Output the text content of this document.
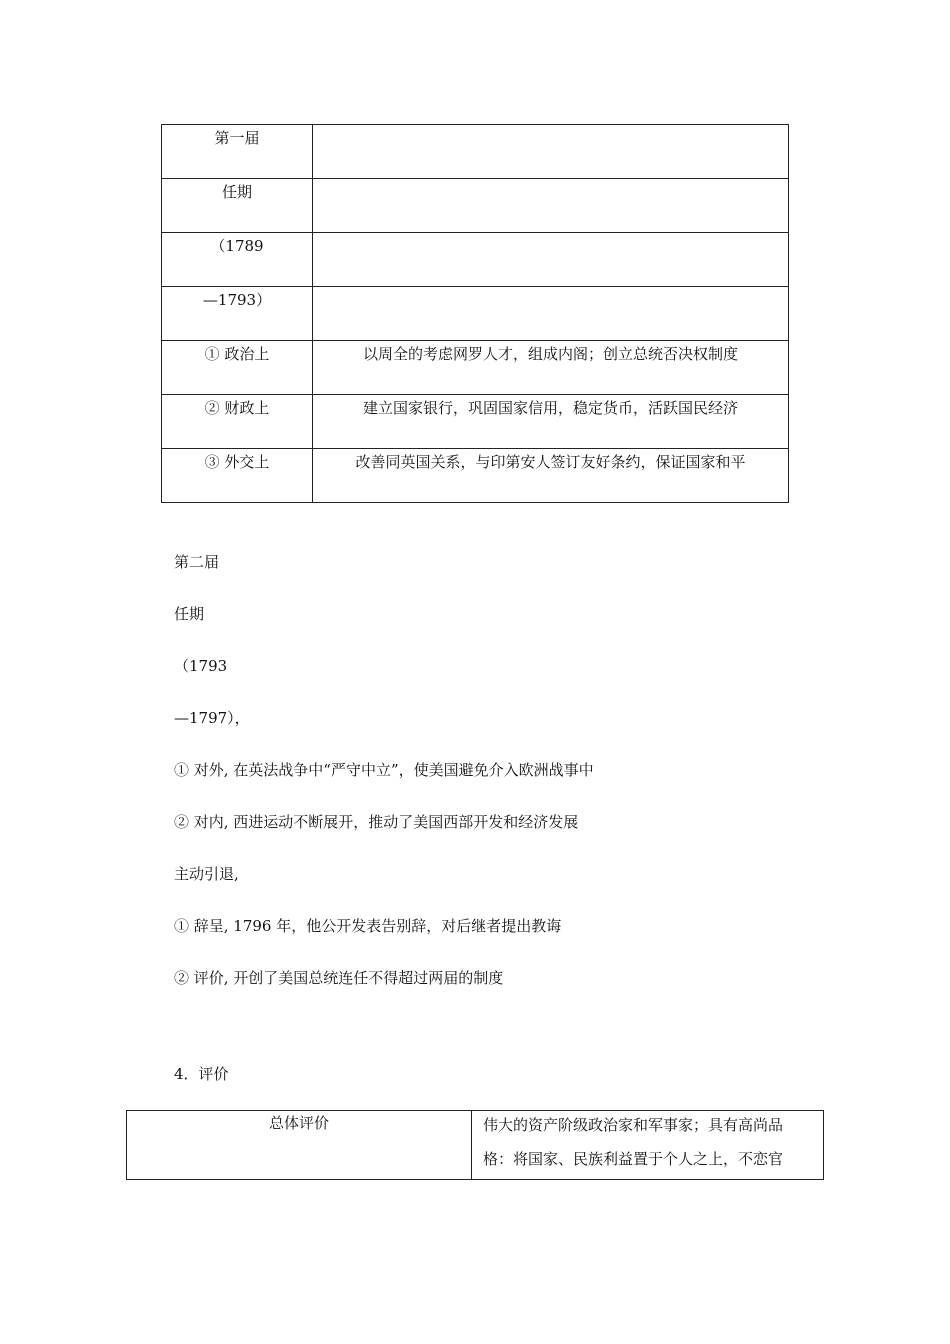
第一届	

任期	

（1789	

—1793）	

① 政治上	以周全的考虑网罗人才，组成内阁；创立总统否决权制度

② 财政上	建立国家银行，巩固国家信用，稳定货币，活跃国民经济

③ 外交上	改善同英国关系，与印第安人签订友好条约，保证国家和平
第二届
任期
（1793
—1797），
① 对外, 在英法战争中“严守中立”，使美国避免介入欧洲战事中
② 对内, 西进运动不断展开，推动了美国西部开发和经济发展
主动引退,
① 辞呈, 1796 年，他公开发表告别辞，对后继者提出教诲
② 评价, 开创了美国总统连任不得超过两届的制度
4．评价
总体评价	伟大的资产阶级政治家和军事家；具有高尚品
格：将国家、民族利益置于个人之上，不恋官
